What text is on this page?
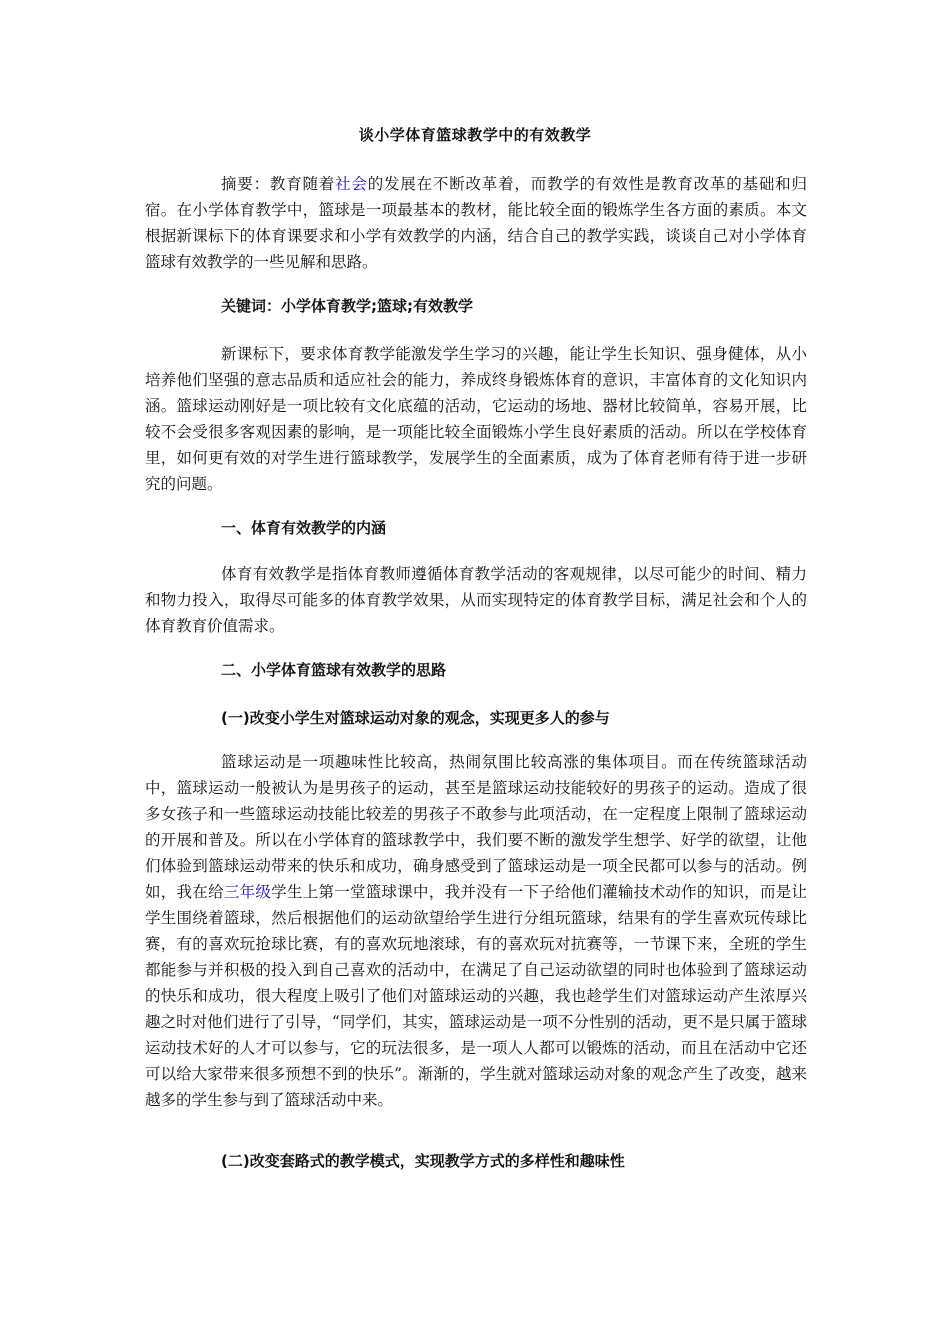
谈小学体育篮球教学中的有效教学

摘要：教育随着社会的发展在不断改革着，而教学的有效性是教育改革的基础和归宿。在小学体育教学中，篮球是一项最基本的教材，能比较全面的锻炼学生各方面的素质。本文根据新课标下的体育课要求和小学有效教学的内涵，结合自己的教学实践，谈谈自己对小学体育篮球有效教学的一些见解和思路。

关键词：小学体育教学;篮球;有效教学

新课标下，要求体育教学能激发学生学习的兴趣，能让学生长知识、强身健体，从小培养他们坚强的意志品质和适应社会的能力，养成终身锻炼体育的意识，丰富体育的文化知识内涵。篮球运动刚好是一项比较有文化底蕴的活动，它运动的场地、器材比较简单，容易开展，比较不会受很多客观因素的影响，是一项能比较全面锻炼小学生良好素质的活动。所以在学校体育里，如何更有效的对学生进行篮球教学，发展学生的全面素质，成为了体育老师有待于进一步研究的问题。

一、体育有效教学的内涵

体育有效教学是指体育教师遵循体育教学活动的客观规律，以尽可能少的时间、精力和物力投入，取得尽可能多的体育教学效果，从而实现特定的体育教学目标，满足社会和个人的体育教育价值需求。

二、小学体育篮球有效教学的思路
(一)改变小学生对篮球运动对象的观念，实现更多人的参与

篮球运动是一项趣味性比较高，热闹氛围比较高涨的集体项目。而在传统篮球活动中，篮球运动一般被认为是男孩子的运动，甚至是篮球运动技能较好的男孩子的运动。造成了很多女孩子和一些篮球运动技能比较差的男孩子不敢参与此项活动，在一定程度上限制了篮球运动的开展和普及。所以在小学体育的篮球教学中，我们要不断的激发学生想学、好学的欲望，让他们体验到篮球运动带来的快乐和成功，确身感受到了篮球运动是一项全民都可以参与的活动。例如，我在给三年级学生上第一堂篮球课中，我并没有一下子给他们灌输技术动作的知识，而是让学生围绕着篮球，然后根据他们的运动欲望给学生进行分组玩篮球，结果有的学生喜欢玩传球比赛，有的喜欢玩抢球比赛，有的喜欢玩地滚球，有的喜欢玩对抗赛等，一节课下来，全班的学生都能参与并积极的投入到自己喜欢的活动中，在满足了自己运动欲望的同时也体验到了篮球运动的快乐和成功，很大程度上吸引了他们对篮球运动的兴趣，我也趁学生们对篮球运动产生浓厚兴趣之时对他们进行了引导，“同学们，其实，篮球运动是一项不分性别的活动，更不是只属于篮球运动技术好的人才可以参与，它的玩法很多，是一项人人都可以锻炼的活动，而且在活动中它还可以给大家带来很多预想不到的快乐”。渐渐的，学生就对篮球运动对象的观念产生了改变，越来越多的学生参与到了篮球活动中来。

(二)改变套路式的教学模式，实现教学方式的多样性和趣味性
